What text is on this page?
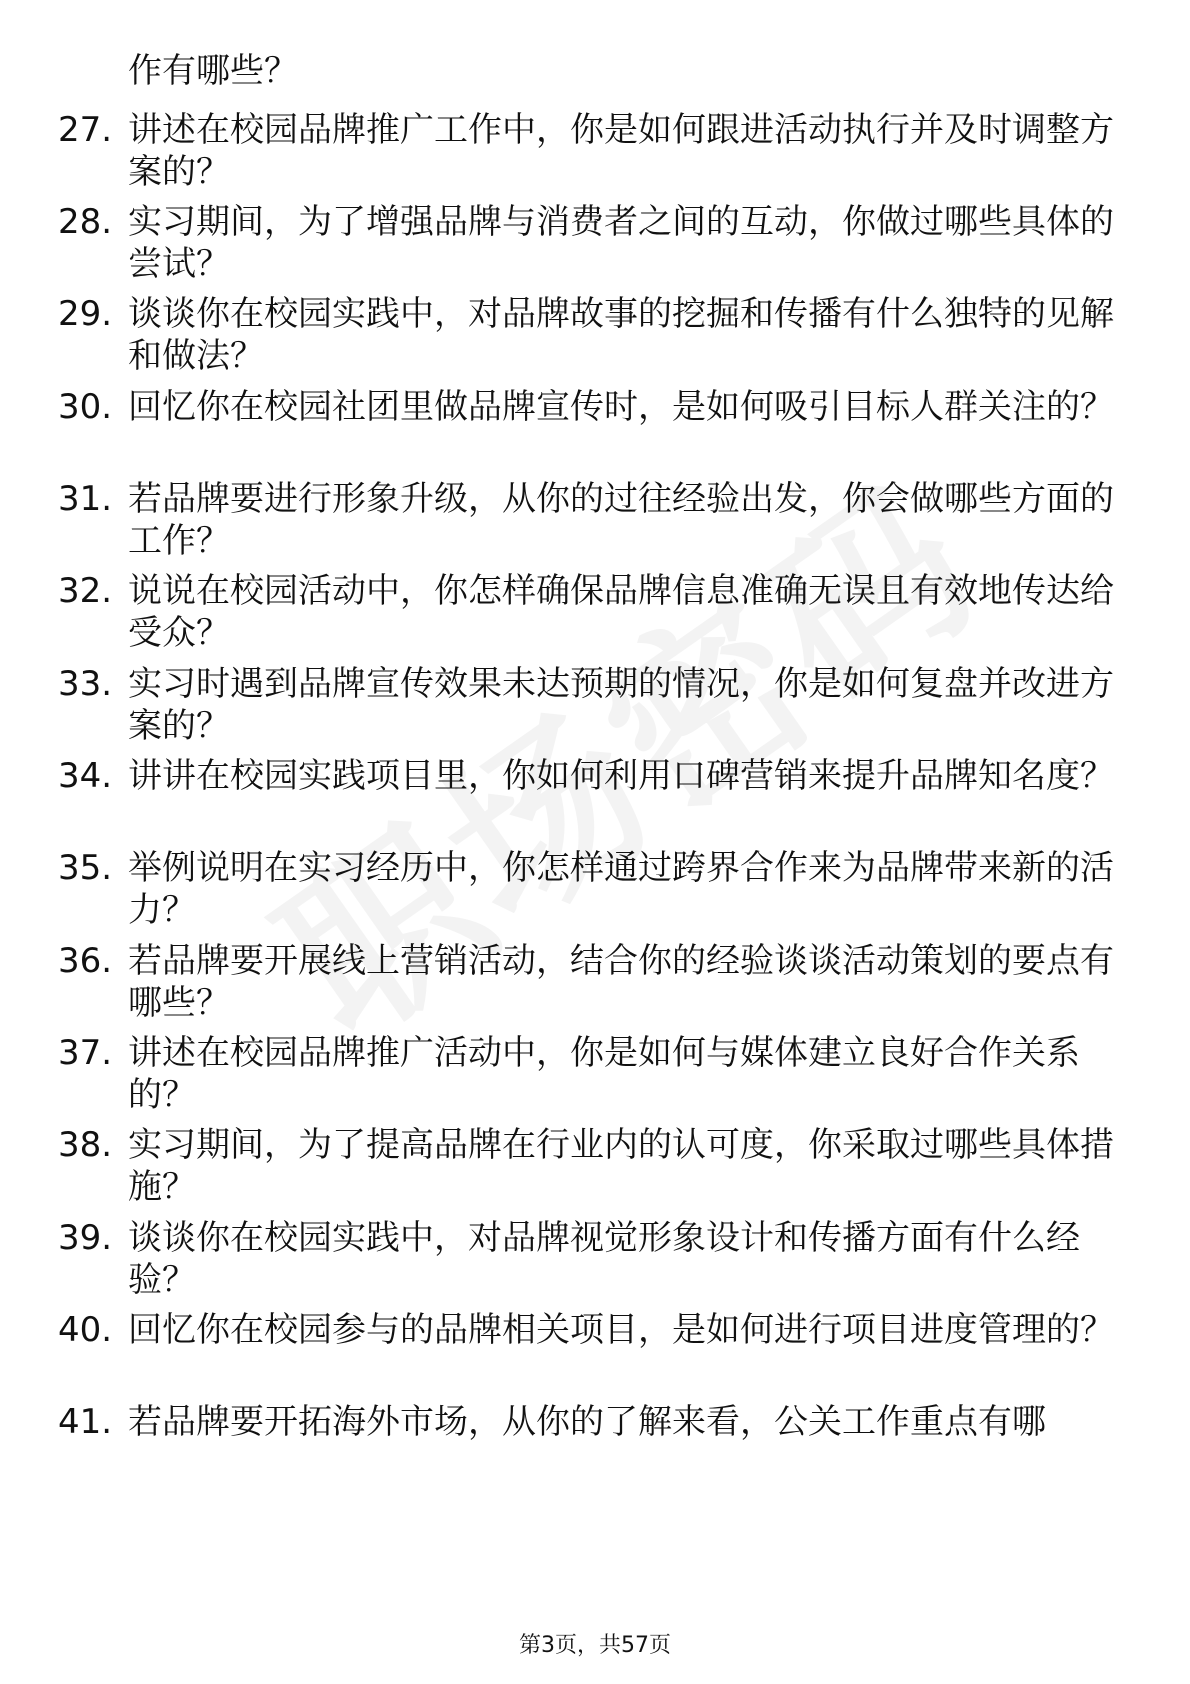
作有哪些？
27. 讲述在校园品牌推广工作中，你是如何跟进活动执行并及时调整方案的？
28. 实习期间，为了增强品牌与消费者之间的互动，你做过哪些具体的尝试？
29. 谈谈你在校园实践中，对品牌故事的挖掘和传播有什么独特的见解和做法？
30. 回忆你在校园社团里做品牌宣传时，是如何吸引目标人群关注的？
31. 若品牌要进行形象升级，从你的过往经验出发，你会做哪些方面的工作？
32. 说说在校园活动中，你怎样确保品牌信息准确无误且有效地传达给受众？
33. 实习时遇到品牌宣传效果未达预期的情况，你是如何复盘并改进方案的？
34. 讲讲在校园实践项目里，你如何利用口碑营销来提升品牌知名度？
35. 举例说明在实习经历中，你怎样通过跨界合作来为品牌带来新的活力？
36. 若品牌要开展线上营销活动，结合你的经验谈谈活动策划的要点有哪些？
37. 讲述在校园品牌推广活动中，你是如何与媒体建立良好合作关系的？
38. 实习期间，为了提高品牌在行业内的认可度，你采取过哪些具体措施？
39. 谈谈你在校园实践中，对品牌视觉形象设计和传播方面有什么经验？
40. 回忆你在校园参与的品牌相关项目，是如何进行项目进度管理的？
41. 若品牌要开拓海外市场，从你的了解来看，公关工作重点有哪
第3页，共57页
